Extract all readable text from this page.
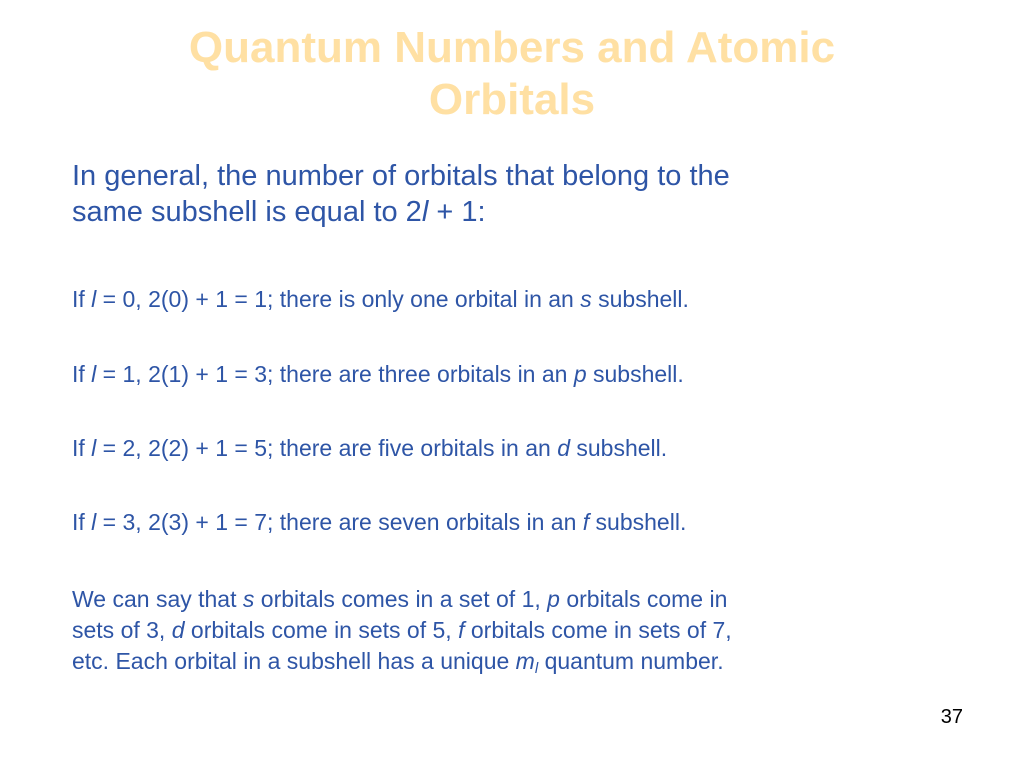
Quantum Numbers and Atomic
Orbitals

In general, the number of orbitals that belong to the
same subshell is equal to 2l + 1:

If l = 0, 2(0) + 1 = 1; there is only one orbital in an s subshell.

If l = 1, 2(1) + 1 = 3; there are three orbitals in an p subshell.

If l = 2, 2(2) + 1 = 5; there are five orbitals in an d subshell.

If l = 3, 2(3) + 1 = 7; there are seven orbitals in an f subshell.

We can say that s orbitals comes in a set of 1, p orbitals come in
sets of 3, d orbitals come in sets of 5, f orbitals come in sets of 7,
etc. Each orbital in a subshell has a unique $m_l$ quantum number.

37
